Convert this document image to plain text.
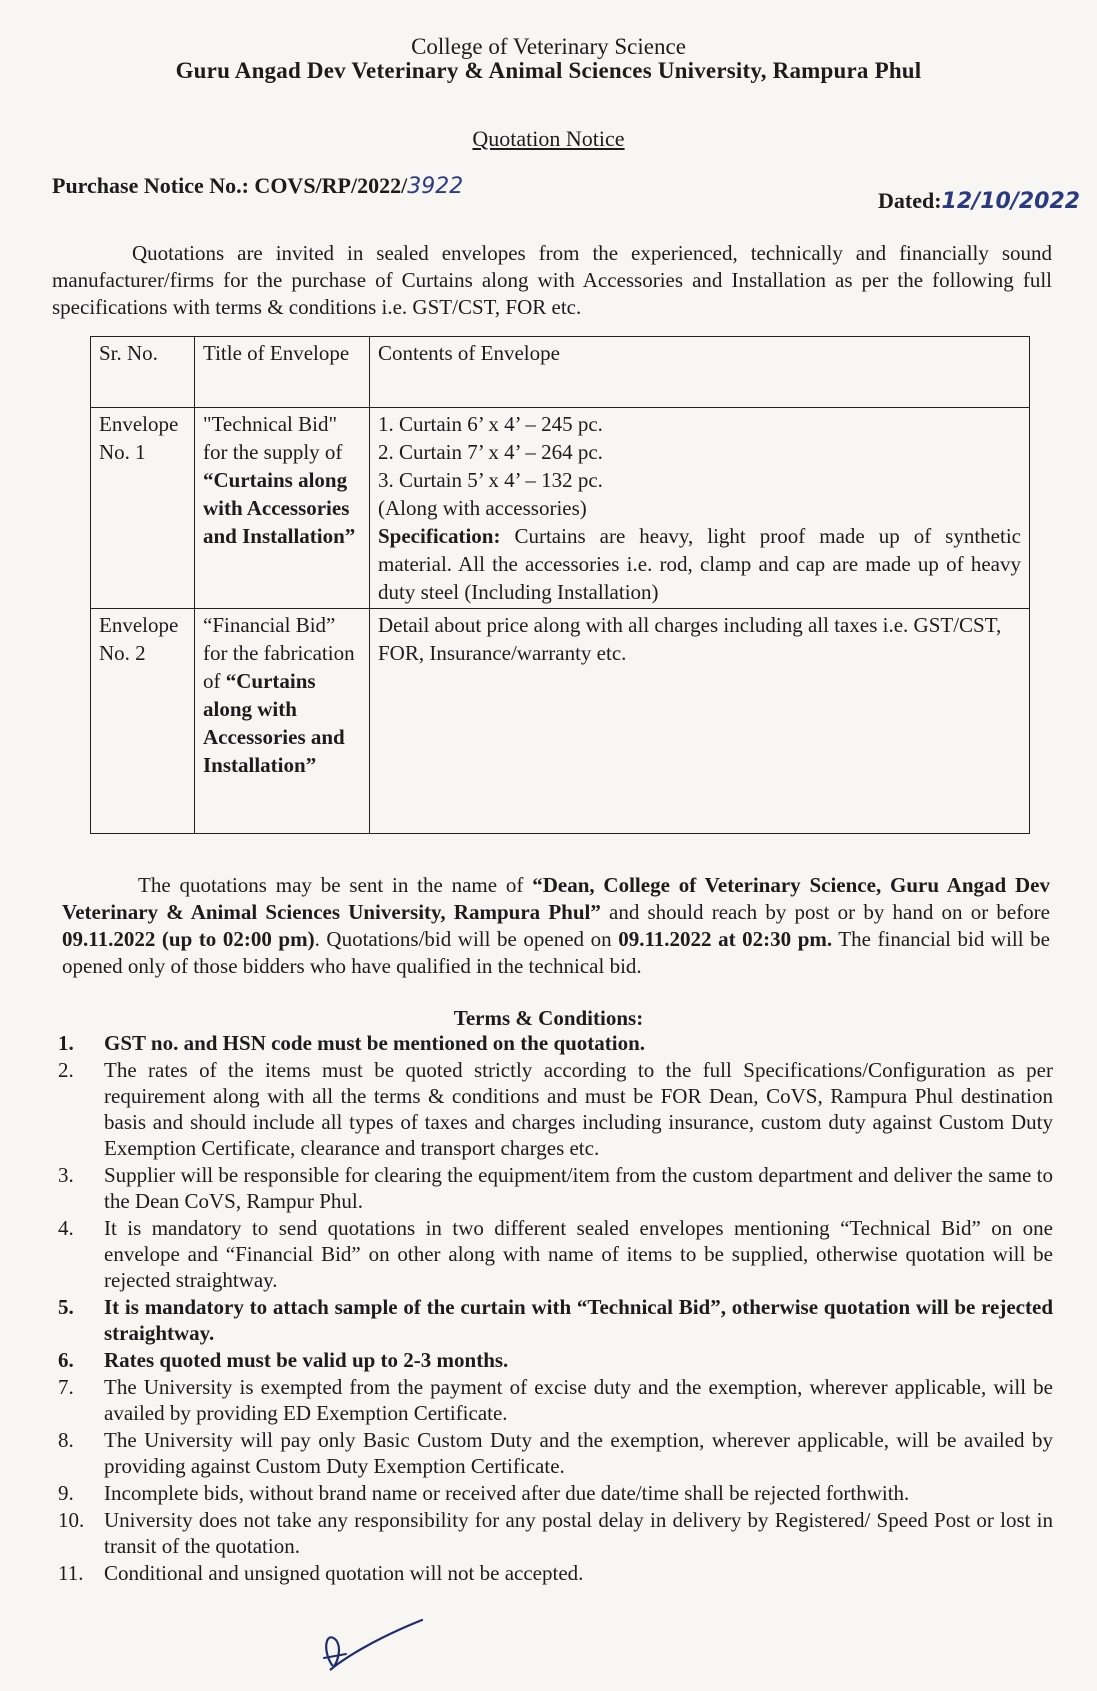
College of Veterinary Science
Guru Angad Dev Veterinary & Animal Sciences University, Rampura Phul
Quotation Notice
Purchase Notice No.: COVS/RP/2022/3922
Dated:12/10/2022
Quotations are invited in sealed envelopes from the experienced, technically and financially sound manufacturer/firms for the purchase of Curtains along with Accessories and Installation as per the following full specifications with terms & conditions i.e. GST/CST, FOR etc.
Sr. No.	Title of Envelope	Contents of Envelope
Envelope No. 1	"Technical Bid" for the supply of “Curtains along with Accessories and Installation”	1. Curtain 6’ x 4’ – 245 pc.
2. Curtain 7’ x 4’ – 264 pc.
3. Curtain 5’ x 4’ – 132 pc.
(Along with accessories)
Specification: Curtains are heavy, light proof made up of synthetic material. All the accessories i.e. rod, clamp and cap are made up of heavy duty steel (Including Installation)

Envelope No. 2	“Financial Bid” for the fabrication of “Curtains along with Accessories and Installation”	Detail about price along with all charges including all taxes i.e. GST/CST, FOR, Insurance/warranty etc.
The quotations may be sent in the name of “Dean, College of Veterinary Science, Guru Angad Dev Veterinary & Animal Sciences University, Rampura Phul” and should reach by post or by hand on or before 09.11.2022 (up to 02:00 pm). Quotations/bid will be opened on 09.11.2022 at 02:30 pm. The financial bid will be opened only of those bidders who have qualified in the technical bid.
Terms & Conditions:
1. GST no. and HSN code must be mentioned on the quotation.
2. The rates of the items must be quoted strictly according to the full Specifications/Configuration as per requirement along with all the terms & conditions and must be FOR Dean, CoVS, Rampura Phul destination basis and should include all types of taxes and charges including insurance, custom duty against Custom Duty Exemption Certificate, clearance and transport charges etc.
3. Supplier will be responsible for clearing the equipment/item from the custom department and deliver the same to the Dean CoVS, Rampur Phul.
4. It is mandatory to send quotations in two different sealed envelopes mentioning “Technical Bid” on one envelope and “Financial Bid” on other along with name of items to be supplied, otherwise quotation will be rejected straightway.
5. It is mandatory to attach sample of the curtain with “Technical Bid”, otherwise quotation will be rejected straightway.
6. Rates quoted must be valid up to 2-3 months.
7. The University is exempted from the payment of excise duty and the exemption, wherever applicable, will be availed by providing ED Exemption Certificate.
8. The University will pay only Basic Custom Duty and the exemption, wherever applicable, will be availed by providing against Custom Duty Exemption Certificate.
9. Incomplete bids, without brand name or received after due date/time shall be rejected forthwith.
10. University does not take any responsibility for any postal delay in delivery by Registered/ Speed Post or lost in transit of the quotation.
11. Conditional and unsigned quotation will not be accepted.
